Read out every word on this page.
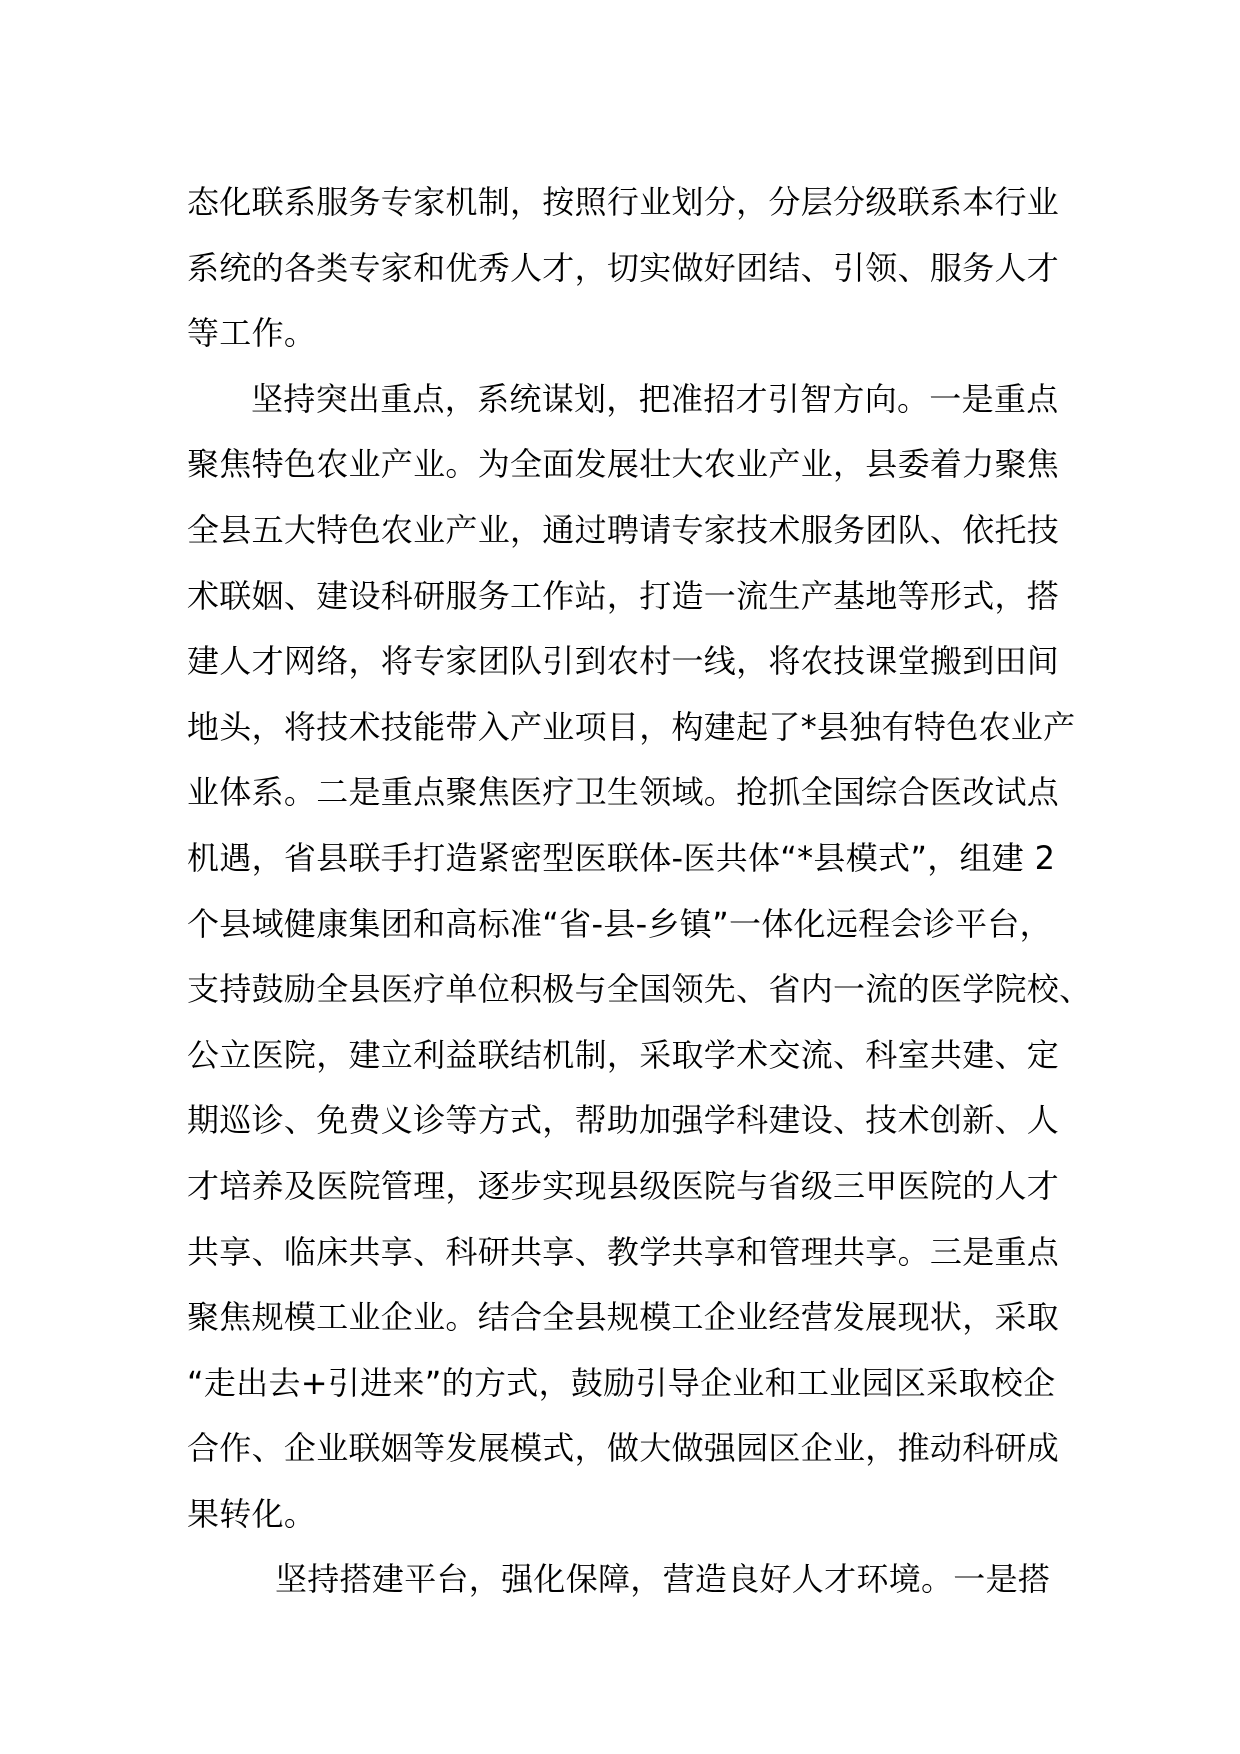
态化联系服务专家机制，按照行业划分，分层分级联系本行业
系统的各类专家和优秀人才，切实做好团结、引领、服务人才
等工作。
坚持突出重点，系统谋划，把准招才引智方向。一是重点
聚焦特色农业产业。为全面发展壮大农业产业，县委着力聚焦
全县五大特色农业产业，通过聘请专家技术服务团队、依托技
术联姻、建设科研服务工作站，打造一流生产基地等形式，搭
建人才网络，将专家团队引到农村一线，将农技课堂搬到田间
地头，将技术技能带入产业项目，构建起了*县独有特色农业产
业体系。二是重点聚焦医疗卫生领域。抢抓全国综合医改试点
机遇，省县联手打造紧密型医联体-医共体“*县模式”，组建 2
个县域健康集团和高标准“省-县-乡镇”一体化远程会诊平台，
支持鼓励全县医疗单位积极与全国领先、省内一流的医学院校、
公立医院，建立利益联结机制，采取学术交流、科室共建、定
期巡诊、免费义诊等方式，帮助加强学科建设、技术创新、人
才培养及医院管理，逐步实现县级医院与省级三甲医院的人才
共享、临床共享、科研共享、教学共享和管理共享。三是重点
聚焦规模工业企业。结合全县规模工企业经营发展现状，采取
“走出去+引进来”的方式，鼓励引导企业和工业园区采取校企
合作、企业联姻等发展模式，做大做强园区企业，推动科研成
果转化。
坚持搭建平台，强化保障，营造良好人才环境。一是搭
